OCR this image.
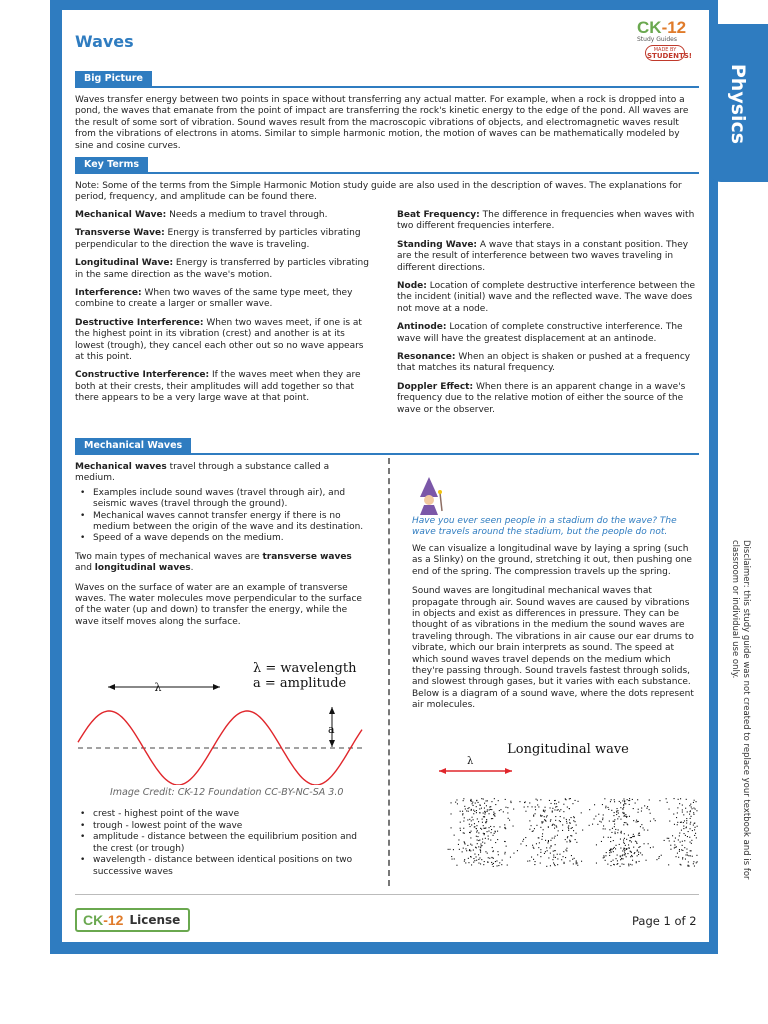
Physics
Disclaimer: this study guide was not created to replace your textbook and is for classroom or individual use only.
Waves
CK-12
Study Guides
MADE BY
STUDENTS!
Big Picture
Waves transfer energy between two points in space without transferring any actual matter. For example, when a rock is dropped into a pond, the waves that emanate from the point of impact are transferring the rock's kinetic energy to the edge of the pond. All waves are the result of some sort of vibration. Sound waves result from the macroscopic vibrations of objects, and electromagnetic waves result from the vibrations of electrons in atoms. Similar to simple harmonic motion, the motion of waves can be mathematically modeled by sine and cosine curves.
Key Terms
Note: Some of the terms from the Simple Harmonic Motion study guide are also used in the description of waves. The explanations for period, frequency, and amplitude can be found there.
Mechanical Wave: Needs a medium to travel through.
Transverse Wave: Energy is transferred by particles vibrating perpendicular to the direction the wave is traveling.
Longitudinal Wave: Energy is transferred by particles vibrating in the same direction as the wave's motion.
Interference: When two waves of the same type meet, they combine to create a larger or smaller wave.
Destructive Interference: When two waves meet, if one is at the highest point in its vibration (crest) and another is at its lowest (trough), they cancel each other out so no wave appears at this point.
Constructive Interference: If the waves meet when they are both at their crests, their amplitudes will add together so that there appears to be a very large wave at that point.
Beat Frequency: The difference in frequencies when waves with two different frequencies interfere.
Standing Wave: A wave that stays in a constant position. They are the result of interference between two waves traveling in different directions.
Node: Location of complete destructive interference between the the incident (initial) wave and the reﬂected wave. The wave does not move at a node.
Antinode: Location of complete constructive interference. The wave will have the greatest displacement at an antinode.
Resonance: When an object is shaken or pushed at a frequency that matches its natural frequency.
Doppler Effect: When there is an apparent change in a wave's frequency due to the relative motion of either the source of the wave or the observer.
Mechanical Waves
Mechanical waves travel through a substance called a medium.
• Examples include sound waves (travel through air), and seismic waves (travel through the ground).
• Mechanical waves cannot transfer energy if there is no medium between the origin of the wave and its destination.
• Speed of a wave depends on the medium.
Two main types of mechanical waves are transverse waves and longitudinal waves.
Waves on the surface of water are an example of transverse waves. The water molecules move perpendicular to the surface of the water (up and down) to transfer the energy, while the wave itself moves along the surface.
λ = wavelength
a = amplitude
λ
a
Image Credit: CK-12 Foundation CC-BY-NC-SA 3.0
• crest - highest point of the wave
• trough - lowest point of the wave
• amplitude - distance between the equilibrium position and the crest (or trough)
• wavelength - distance between identical positions on two successive waves
Have you ever seen people in a stadium do the wave? The wave travels around the stadium, but the people do not.
We can visualize a longitudinal wave by laying a spring (such as a Slinky) on the ground, stretching it out, then pushing one end of the spring. The compression travels up the spring.
Sound waves are longitudinal mechanical waves that propagate through air. Sound waves are caused by vibrations in objects and exist as differences in pressure. They can be thought of as vibrations in the medium the sound waves are traveling through. The vibrations in air cause our ear drums to vibrate, which our brain interprets as sound. The speed at which sound waves travel depends on the medium which they're passing through. Sound travels fastest through solids, and slowest through gases, but it varies with each substance. Below is a diagram of a sound wave, where the dots represent air molecules.
Longitudinal wave
λ
CK-12 License	Page 1 of 2
